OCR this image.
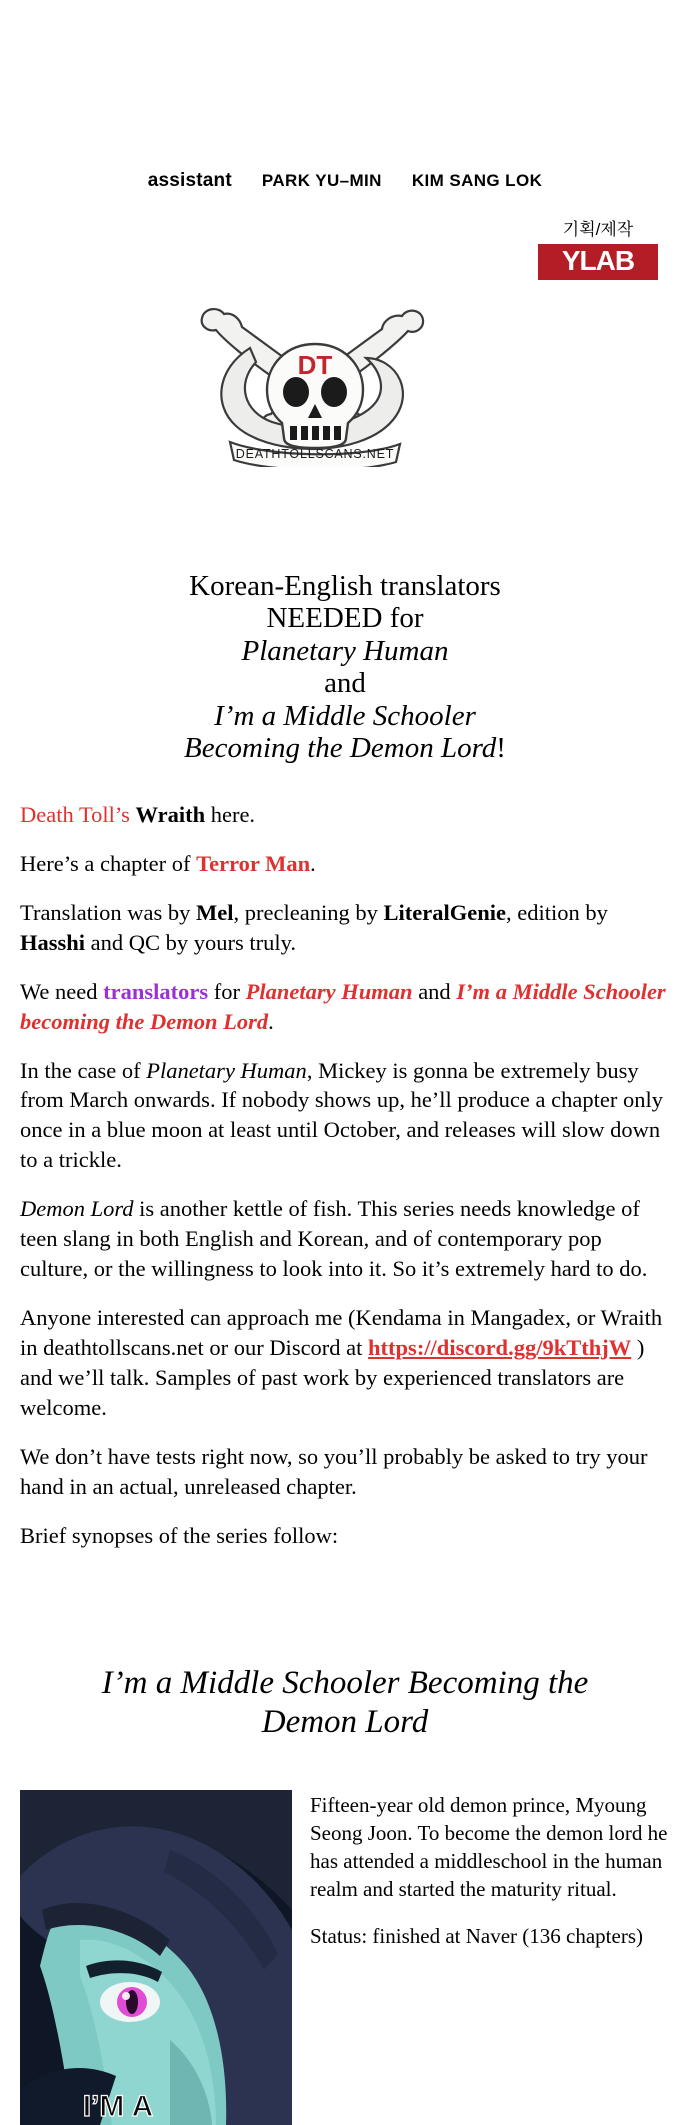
assistant PARK YU–MIN KIM SANG LOK
기획/제작
YLAB
DT
DEATHTOLLSCANS.NET
Korean-English translators
NEEDED for
Planetary Human
and
I’m a Middle Schooler
Becoming the Demon Lord!

Death Toll’s Wraith here.

Here’s a chapter of Terror Man.

Translation was by Mel, precleaning by LiteralGenie, edition by Hasshi and QC by yours truly.

We need translators for Planetary Human and I’m a Middle Schooler becoming the Demon Lord.

In the case of Planetary Human, Mickey is gonna be extremely busy from March onwards. If nobody shows up, he’ll produce a chapter only once in a blue moon at least until October, and releases will slow down to a trickle.

Demon Lord is another kettle of fish. This series needs knowledge of teen slang in both English and Korean, and of contemporary pop culture, or the willingness to look into it. So it’s extremely hard to do.

Anyone interested can approach me (Kendama in Mangadex, or Wraith in deathtollscans.net or our Discord at https://discord.gg/9kTthjW ) and we’ll talk. Samples of past work by experienced translators are welcome.

We don’t have tests right now, so you’ll probably be asked to try your hand in an actual, unreleased chapter.

Brief synopses of the series follow:

I’m a Middle Schooler Becoming the
Demon Lord
I’M A

Fifteen-year old demon prince, Myoung Seong Joon. To become the demon lord he has attended a middleschool in the human realm and started the maturity ritual.

Status: finished at Naver (136 chapters)
